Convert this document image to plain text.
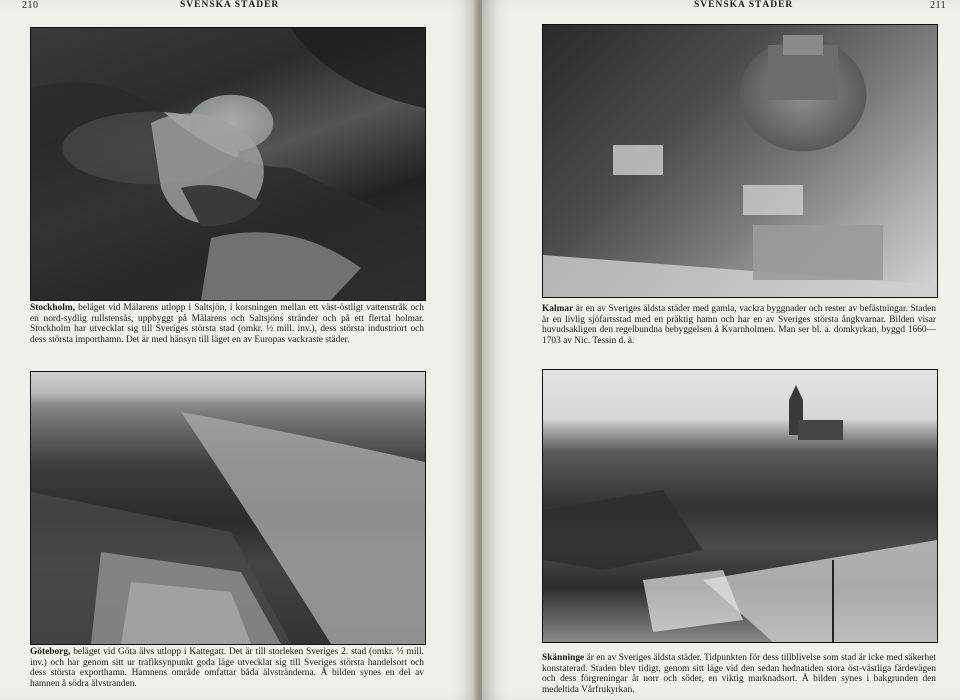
210	SVENSKA STÄDER
Stockholm, beläget vid Mälarens utlopp i Saltsjön, i korsningen mellan ett väst-östligt vattenstråk och en nord-sydlig rullstensås, uppbyggt på Mälarens och Saltsjöns stränder och på ett flertal holmar. Stockholm har utvecklat sig till Sveriges största stad (omkr. ½ mill. inv.), dess största industriort och dess största importhamn. Det är med hänsyn till läget en av Europas vackraste städer.
Göteborg, beläget vid Göta älvs utlopp i Kattegatt. Det är till storleken Sveriges 2. stad (omkr. ⅓ mill. inv.) och har genom sitt ur trafiksynpunkt goda läge utvecklat sig till Sveriges största handelsort och dess största exporthamn. Hamnens område omfattar båda älvstränderna. Å bilden synes en del av hamnen å södra älvstranden.
SVENSKA STÄDER	211
Kalmar är en av Sveriges äldsta städer med gamla, vackra byggnader och rester av befästningar. Staden är en livlig sjöfartsstad med en präktig hamn och har en av Sveriges största ångkvarnar. Bilden visar huvudsakligen den regelbundna bebyggelsen å Kvarnholmen. Man ser bl. a. domkyrkan, byggd 1660—1703 av Nic. Tessin d. ä.
Skänninge är en av Sveriges äldsta städer. Tidpunkten för dess tillblivelse som stad är icke med säkerhet konstaterad. Staden blev tidigt, genom sitt läge vid den sedan hednatiden stora öst-västliga färdevägen och dess förgreningar åt norr och söder, en viktig marknadsort. Å bilden synes i bakgrunden den medeltida Vårfrukyrkan.
